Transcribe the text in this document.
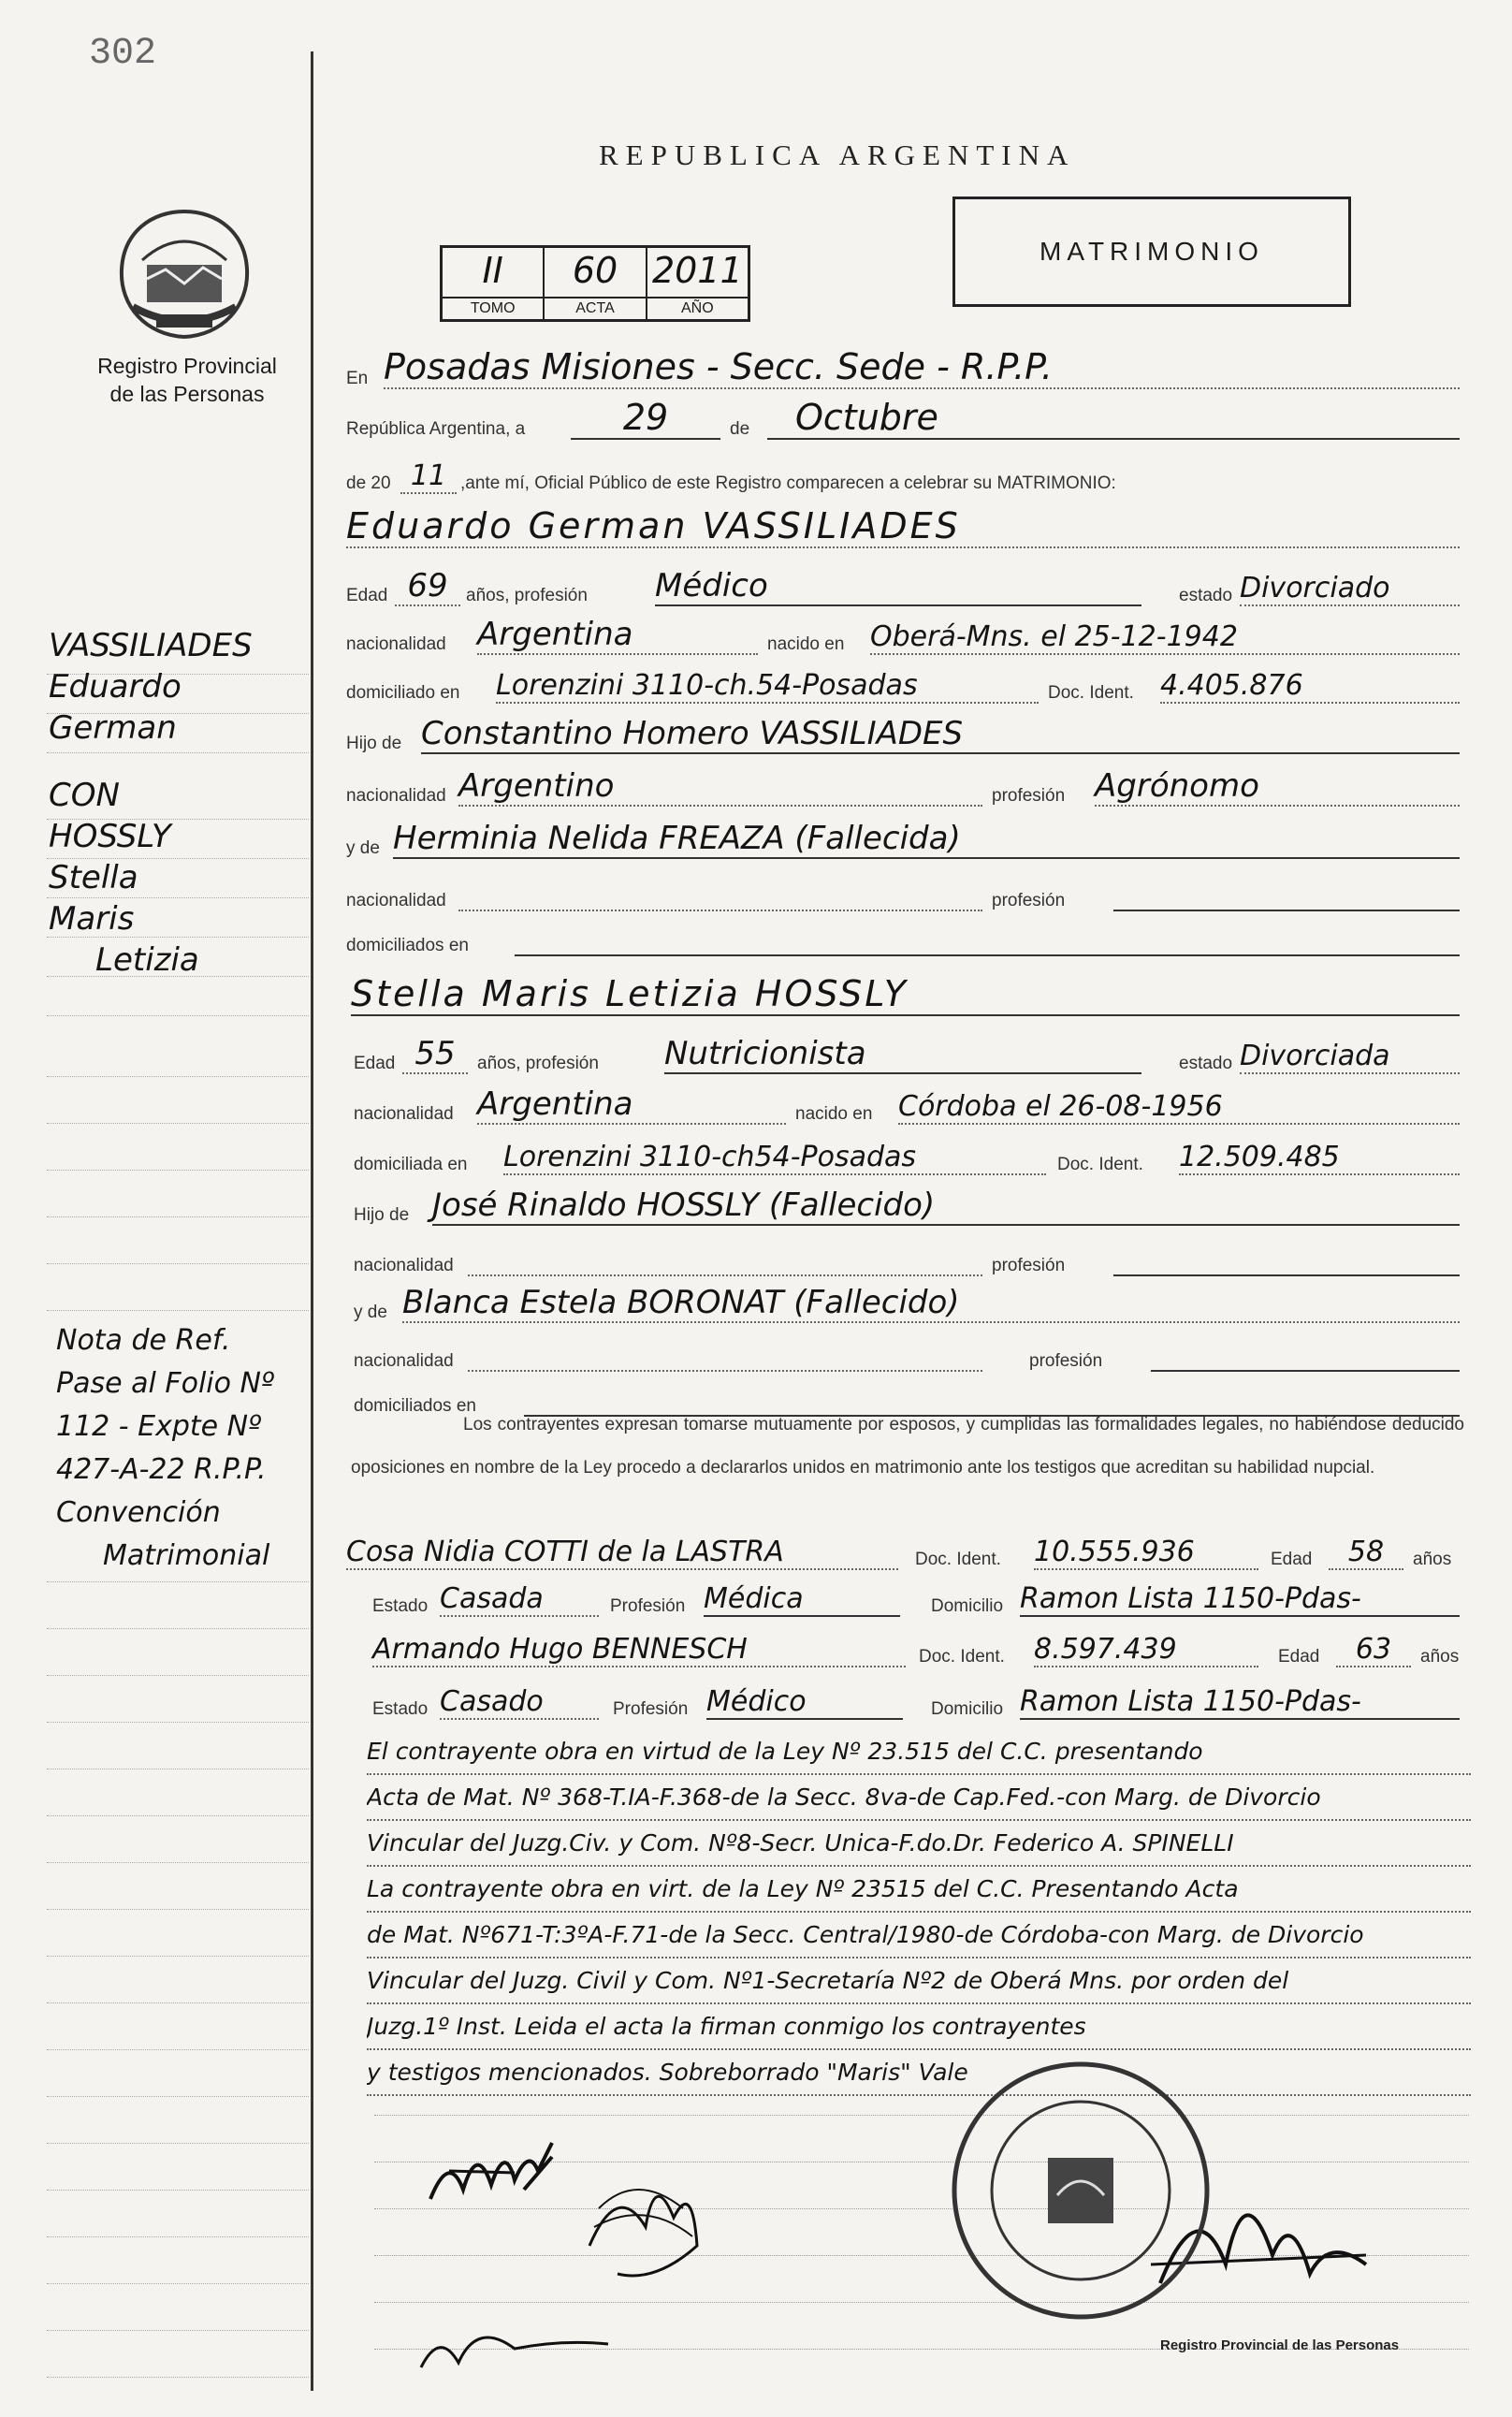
302
Registro Provincial
de las Personas
REPUBLICA ARGENTINA
II
TOMO
60
ACTA
2011
AÑO
MATRIMONIO
VASSILIADES
Eduardo
German
CON
HOSSLY
Stella
Maris
Letizia
Nota de Ref.
Pase al Folio Nº
112 - Expte Nº
427-A-22 R.P.P.
Convención
Matrimonial
En Posadas Misiones - Secc. Sede - R.P.P.
República Argentina, a	29	de	Octubre
de 20 11 ,ante mí, Oficial Público de este Registro comparecen a celebrar su MATRIMONIO:
Eduardo German VASSILIADES
Edad 69	años, profesión Médico	estado Divorciado
nacionalidad Argentina	nacido en Oberá-Mns. el 25-12-1942
domiciliado en Lorenzini 3110-ch.54-Posadas	Doc. Ident. 4.405.876
Hijo de Constantino Homero VASSILIADES
nacionalidad Argentino	profesión Agrónomo
y de Herminia Nelida FREAZA (Fallecida)
nacionalidad	profesión
domiciliados en
Stella Maris Letizia HOSSLY
Edad 55	años, profesión Nutricionista	estado Divorciada
nacionalidad Argentina	nacido en Córdoba el 26-08-1956
domiciliada en Lorenzini 3110-ch54-Posadas	Doc. Ident. 12.509.485
Hijo de José Rinaldo HOSSLY (Fallecido)
nacionalidad	profesión
y de Blanca Estela BORONAT (Fallecido)
nacionalidad	profesión
domiciliados en
Los contrayentes expresan tomarse mutuamente por esposos, y cumplidas las formalidades legales, no habiéndose deducido oposiciones en nombre de la Ley procedo a declararlos unidos en matrimonio ante los testigos que acreditan su habilidad nupcial.
Cosa Nidia COTTI de la LASTRA	Doc. Ident. 10.555.936	Edad	58	años
Estado Casada	Profesión Médica	Domicilio Ramon Lista 1150-Pdas-
Armando Hugo BENNESCH	Doc. Ident. 8.597.439	Edad	63	años
Estado Casado	Profesión Médico	Domicilio Ramon Lista 1150-Pdas-
El contrayente obra en virtud de la Ley Nº 23.515 del C.C. presentando
Acta de Mat. Nº 368-T.IA-F.368-de la Secc. 8va-de Cap.Fed.-con Marg. de Divorcio
Vincular del Juzg.Civ. y Com. Nº8-Secr. Unica-F.do.Dr. Federico A. SPINELLI
La contrayente obra en virt. de la Ley Nº 23515 del C.C. Presentando Acta
de Mat. Nº671-T:3ºA-F.71-de la Secc. Central/1980-de Córdoba-con Marg. de Divorcio
Vincular del Juzg. Civil y Com. Nº1-Secretaría Nº2 de Oberá Mns. por orden del
Juzg.1º Inst. Leida el acta la firman conmigo los contrayentes
y testigos mencionados. Sobreborrado "Maris" Vale
Registro Provincial de las Personas
